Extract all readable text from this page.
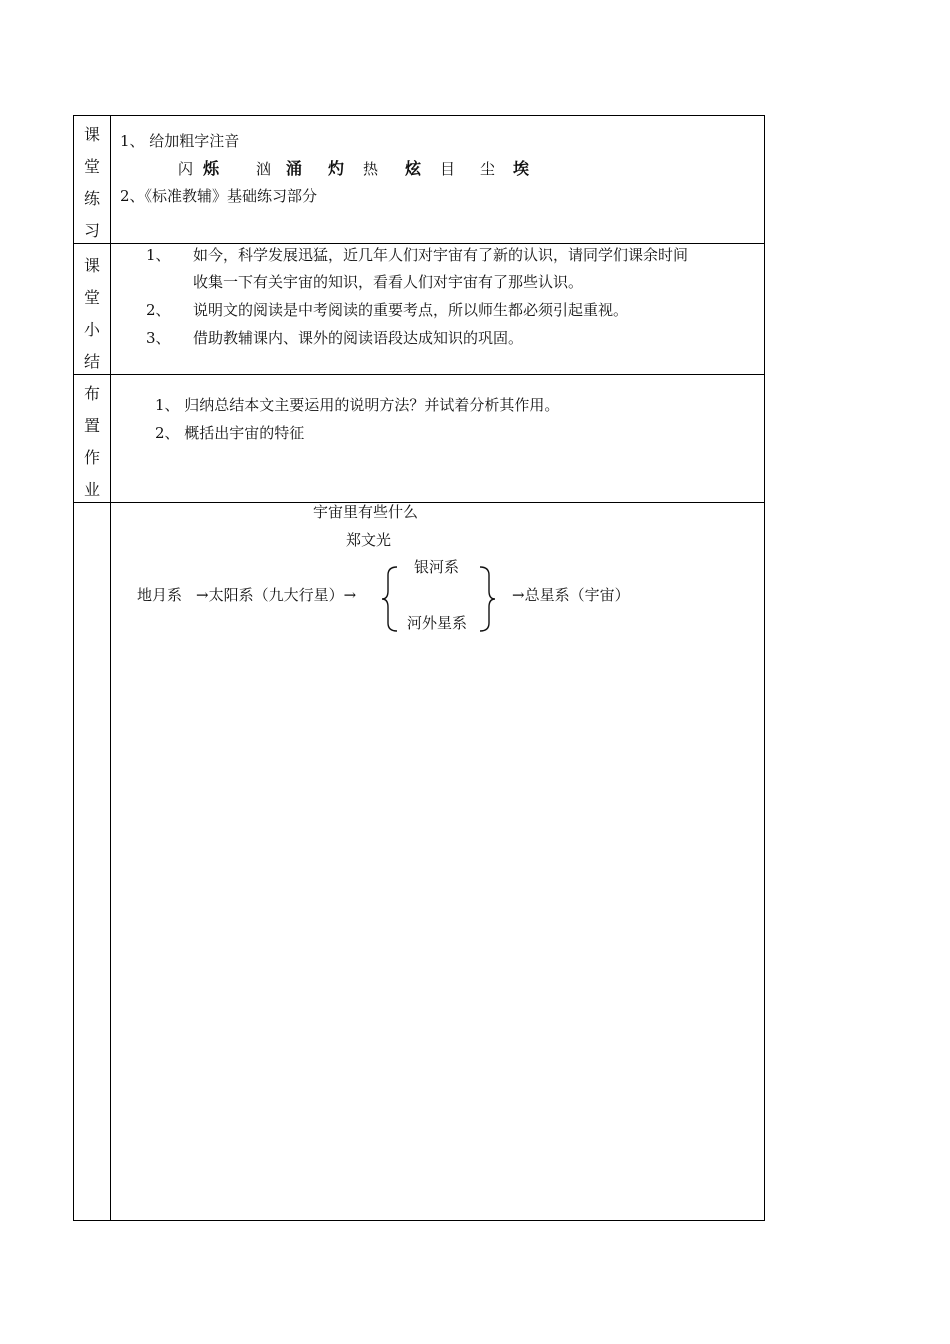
课
堂
练
习
1、 给加粗字注音
闪 烁 汹 涌 灼 热 炫 目 尘 埃
2、《标准教辅》基础练习部分
课
堂
小
结
1、 如今，科学发展迅猛，近几年人们对宇宙有了新的认识，请同学们课余时间
收集一下有关宇宙的知识，看看人们对宇宙有了那些认识。
2、 说明文的阅读是中考阅读的重要考点，所以师生都必须引起重视。
3、 借助教辅课内、课外的阅读语段达成知识的巩固。
布
置
作
业
1、 归纳总结本文主要运用的说明方法？并试着分析其作用。
2、 概括出宇宙的特征
宇宙里有些什么
郑文光
地月系 →太阳系（九大行星）→
银河系
河外星系
→总星系（宇宙）
